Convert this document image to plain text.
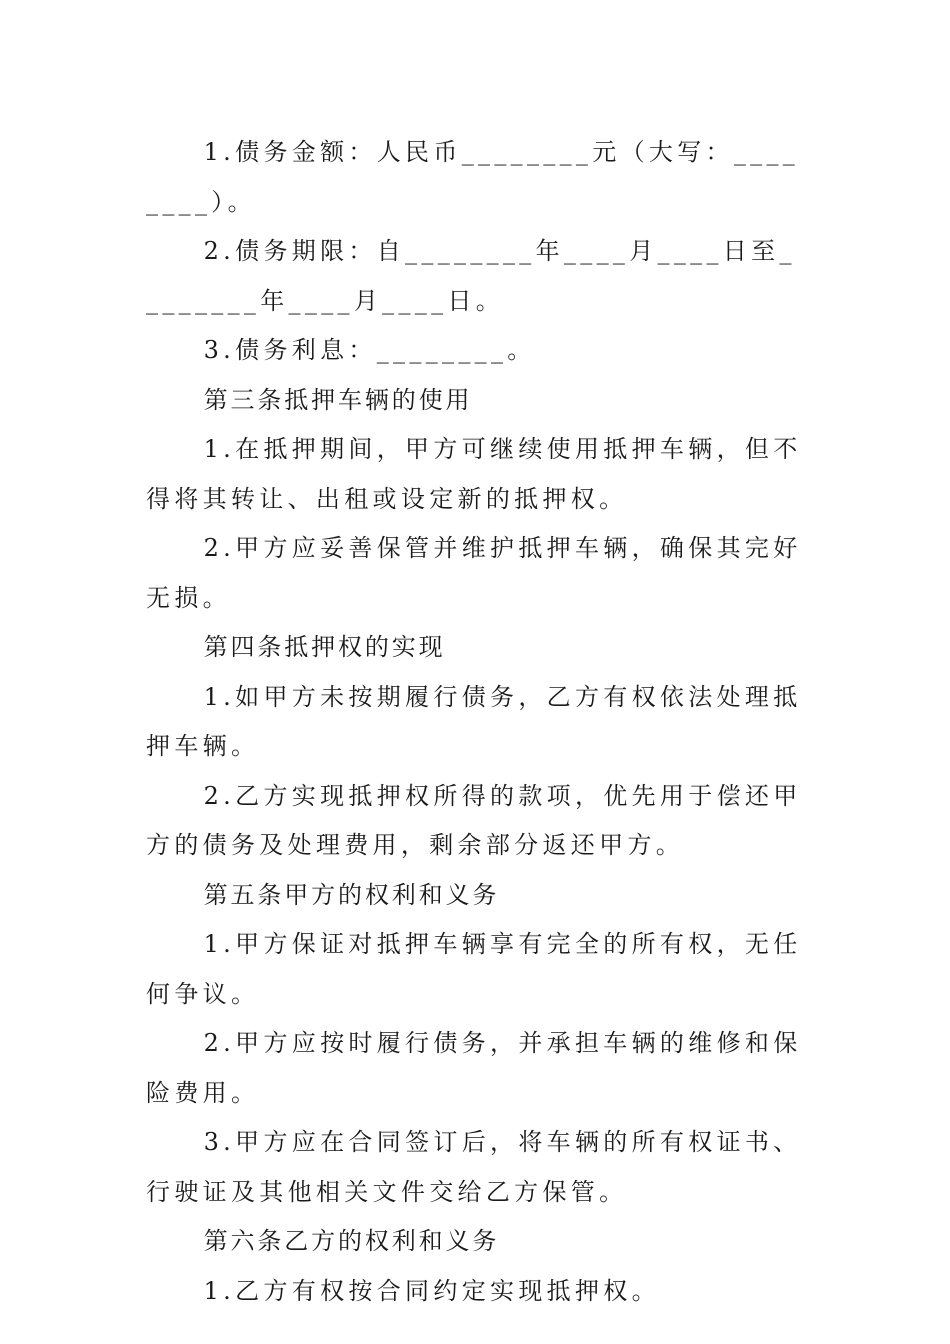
1.债务金额：人民币________元（大写：________）。

2.债务期限：自________年____月____日至________年____月____日。

3.债务利息：________。

第三条抵押车辆的使用

1.在抵押期间，甲方可继续使用抵押车辆，但不得将其转让、出租或设定新的抵押权。

2.甲方应妥善保管并维护抵押车辆，确保其完好无损。

第四条抵押权的实现

1.如甲方未按期履行债务，乙方有权依法处理抵押车辆。

2.乙方实现抵押权所得的款项，优先用于偿还甲方的债务及处理费用，剩余部分返还甲方。

第五条甲方的权利和义务

1.甲方保证对抵押车辆享有完全的所有权，无任何争议。

2.甲方应按时履行债务，并承担车辆的维修和保险费用。

3.甲方应在合同签订后，将车辆的所有权证书、行驶证及其他相关文件交给乙方保管。

第六条乙方的权利和义务

1.乙方有权按合同约定实现抵押权。
